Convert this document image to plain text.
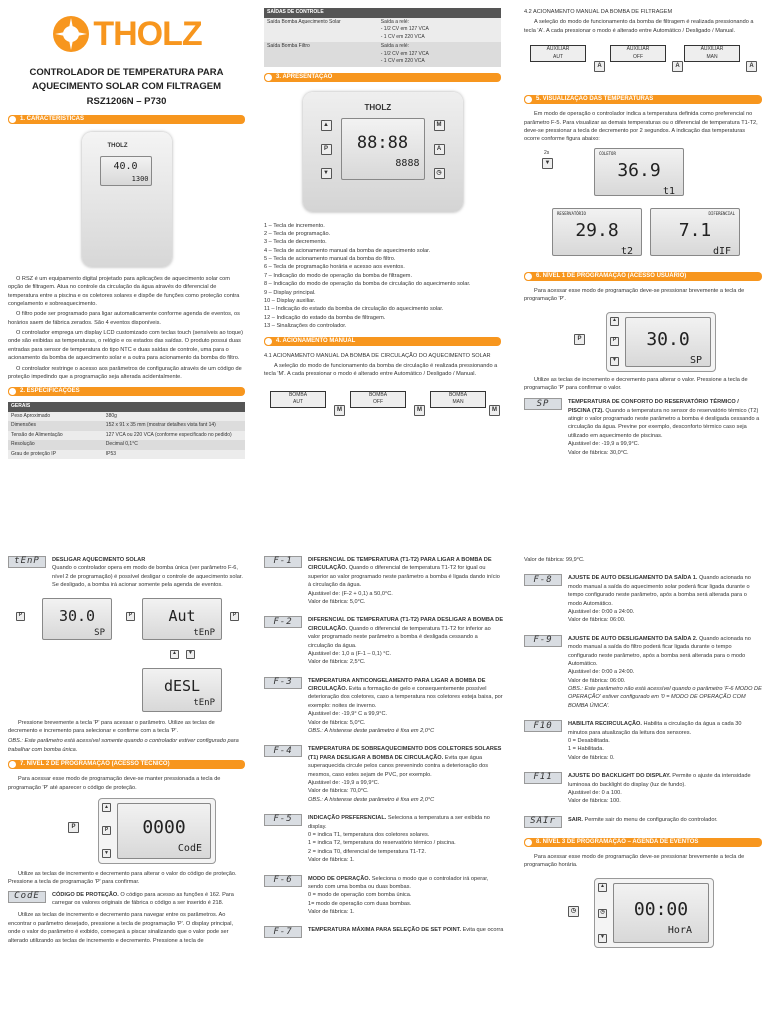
THOLZ
CONTROLADOR DE TEMPERATURA PARA
AQUECIMENTO SOLAR COM FILTRAGEM
RSZ1206N – P730
1. CARACTERÍSTICAS
THOLZ
40.0
1300

O RSZ é um equipamento digital projetado para aplicações de aquecimento solar com opção de filtragem. Atua no controle da circulação da água através do diferencial de temperatura entre a piscina e os coletores solares e dispõe de funções como proteção contra congelamento e sobreaquecimento.

O filtro pode ser programado para ligar automaticamente conforme agenda de eventos, os horários saem de fábrica zerados. São 4 eventos disponíveis.

O controlador emprega um display LCD customizado com teclas touch (sensíveis ao toque) onde são exibidas as temperaturas, o relógio e os estados das saídas. O produto possui duas entradas para sensor de temperatura do tipo NTC e duas saídas de controle, uma para o acionamento da bomba de aquecimento solar e a outra para acionamento da bomba do filtro.

O controlador restringe o acesso aos parâmetros de configuração através de um código de proteção impedindo que a programação seja alterada acidentalmente.

2. ESPECIFICAÇÕES
GERAIS	
Peso Aproximado	380g
Dimensões	152 x 91 x 35 mm (mostrar detalhes vista fant 14)
Tensão de Alimentação	127 VCA ou 220 VCA (conforme especificado no pedido)
Resolução	Decimal 0,1°C
Grau de proteção IP	IP53
SAÍDAS DE CONTROLE	
Saída Bomba Aquecimento Solar	Saída a relé:
- 1/2 CV em 127 VCA
- 1 CV em 220 VCA
Saída Bomba Filtro	Saída a relé:
- 1/2 CV em 127 VCA
- 1 CV em 220 VCA
3. APRESENTAÇÃO
THOLZ
▲
P
▼
M
A
◷
88:88
8888
1 – Tecla de incremento.
2 – Tecla de programação.
3 – Tecla de decremento.
4 – Tecla de acionamento manual da bomba de aquecimento solar.
5 – Tecla de acionamento manual da bomba do filtro.
6 – Tecla de programação horária e acesso aos eventos.
7 – Indicação do modo de operação da bomba de filtragem.
8 – Indicação do modo de operação da bomba de circulação do aquecimento solar.
9 – Display principal.
10 – Display auxiliar.
11 – Indicação do estado da bomba de circulação do aquecimento solar.
12 – Indicação do estado da bomba de filtragem.
13 – Sinalizações do controlador.
4. ACIONAMENTO MANUAL

4.1 ACIONAMENTO MANUAL DA BOMBA DE CIRCULAÇÃO DO AQUECIMENTO SOLAR

A seleção do modo de funcionamento da bomba de circulação é realizada pressionando a tecla 'M'. A cada pressionar o modo é alterado entre Automático / Desligado / Manual.

BOMBA
AUT
BOMBA
OFF
BOMBA
MAN
M	M	M

4.2 ACIONAMENTO MANUAL DA BOMBA DE FILTRAGEM

A seleção do modo de funcionamento da bomba de filtragem é realizada pressionando a tecla 'A'. A cada pressionar o modo é alterado entre Automático / Desligado / Manual.

AUXILIAR
AUT
AUXILIAR
OFF
AUXILIAR
MAN
A	A	A
5. VISUALIZAÇÃO DAS TEMPERATURAS

Em modo de operação o controlador indica a temperatura definida como preferencial no parâmetro F-5. Para visualizar as demais temperaturas ou o diferencial de temperatura T1-T2, deve-se pressionar a tecla de decremento por 2 segundos. A indicação das temperaturas ocorre conforme figura abaixo:

2s
▼
COLETOR
36.9
t1
RESERVATÓRIO
29.8
t2
DIFERENCIAL
7.1
dIF
6. NÍVEL 1 DE PROGRAMAÇÃO (ACESSO USUÁRIO)

Para acessar esse modo de programação deve-se pressionar brevemente a tecla de programação 'P'.

P
▲
P
▼
30.0
SP

Utilize as teclas de incremento e decremento para alterar o valor. Pressione a tecla de programação 'P' para confirmar o valor.

SP	TEMPERATURA DE CONFORTO DO RESERVATÓRIO TÉRMICO / PISCINA (T2). Quando a temperatura no sensor do reservatório térmico (T2) atingir o valor programado neste parâmetro a bomba é desligada cessando a circulação da água. Previne por exemplo, desconforto térmico caso seja utilizado em aquecimento de piscinas.
Ajustável de: -19,9 a 99,9°C.
Valor de fábrica: 30,0°C.
tEnP	DESLIGAR AQUECIMENTO SOLAR
Quando o controlador opera em modo de bomba única (ver parâmetro F-6, nível 2 de programação) é possível desligar o controle de aquecimento solar. Se desligado, a bomba irá acionar somente pela agenda de eventos.
30.0
SP
Aut
tEnP
dESL
tEnP
P	P	P
▲	▼

Pressione brevemente a tecla 'P' para acessar o parâmetro. Utilize as teclas de decremento e incremento para selecionar e confirme com a tecla 'P'.

OBS.: Este parâmetro está acessível somente quando o controlador estiver configurado para trabalhar com bomba única.

7. NÍVEL 2 DE PROGRAMAÇÃO (ACESSO TÉCNICO)

Para acessar esse modo de programação deve-se manter pressionada a tecla de programação 'P' até aparecer o código de proteção.

P
▲
P
▼
0000
CodE

Utilize as teclas de incremento e decremento para alterar o valor do código de proteção. Pressione a tecla de programação 'P' para confirmar.

CodE	CÓDIGO DE PROTEÇÃO. O código para acesso as funções é 162. Para carregar os valores originais de fábrica o código a ser inserido é 218.

Utilize as teclas de incremento e decremento para navegar entre os parâmetros. Ao encontrar o parâmetro desejado, pressione a tecla de programação 'P'. O display principal, onde o valor do parâmetro é exibido, começará a piscar sinalizando que o valor pode ser alterado utilizando as teclas de incremento e decremento. Pressione a tecla de

F-1	DIFERENCIAL DE TEMPERATURA (T1-T2) PARA LIGAR A BOMBA DE CIRCULAÇÃO. Quando o diferencial de temperatura T1-T2 for igual ou superior ao valor programado neste parâmetro a bomba é ligada dando início à circulação da água.
Ajustável de: (F-2 + 0,1) a 50,0°C.
Valor de fábrica: 5,0°C.
F-2	DIFERENCIAL DE TEMPERATURA (T1-T2) PARA DESLIGAR A BOMBA DE CIRCULAÇÃO. Quando o diferencial de temperatura T1-T2 for inferior ao valor programado neste parâmetro a bomba é desligada cessando a circulação da água.
Ajustável de: 1,0 a (F-1 – 0,1) °C.
Valor de fábrica: 2,5°C.
F-3	TEMPERATURA ANTICONGELAMENTO PARA LIGAR A BOMBA DE CIRCULAÇÃO. Evita a formação de gelo e consequentemente possível deterioração dos coletores, caso a temperatura nos coletores esteja baixa, por exemplo: noites de inverno.
Ajustável de: -19,9° C a 99,9°C.
Valor de fábrica: 5,0°C.
OBS.: A histerese deste parâmetro é fixa em 2,0°C
F-4	TEMPERATURA DE SOBREAQUECIMENTO DOS COLETORES SOLARES (T1) PARA DESLIGAR A BOMBA DE CIRCULAÇÃO. Evita que água superaquecida circule pelos canos prevenindo contra a deterioração dos mesmos, caso estes sejam de PVC, por exemplo.
Ajustável de: -19,9 a 99,9°C.
Valor de fábrica: 70,0°C.
OBS.: A histerese deste parâmetro é fixa em 2,0°C
F-5	INDICAÇÃO PREFERENCIAL. Seleciona a temperatura a ser exibida no display.
0 = indica T1, temperatura dos coletores solares.
1 = indica T2, temperatura do reservatório térmico / piscina.
2 = indica T0, diferencial de temperatura T1-T2.
Valor de fábrica: 1.
F-6	MODO DE OPERAÇÃO. Seleciona o modo que o controlador irá operar, sendo com uma bomba ou duas bombas.
0 = modo de operação com bomba única.
1= modo de operação com duas bombas.
Valor de fábrica: 1.
F-7	TEMPERATURA MÁXIMA PARA SELEÇÃO DE SET POINT. Evita que ocorra

Valor de fábrica: 99,9°C.

F-8	AJUSTE DE AUTO DESLIGAMENTO DA SAÍDA 1. Quando acionada no modo manual a saída do aquecimento solar poderá ficar ligada durante o tempo configurado neste parâmetro, após a bomba será alterada para o modo Automático.
Ajustável de: 0:00 a 24:00.
Valor de fábrica: 06:00.
F-9	AJUSTE DE AUTO DESLIGAMENTO DA SAÍDA 2. Quando acionada no modo manual a saída do filtro poderá ficar ligada durante o tempo configurado neste parâmetro, após a bomba será alterada para o modo Automático.
Ajustável de: 0:00 a 24:00.
Valor de fábrica: 06:00.
OBS.: Este parâmetro não está acessível quando o parâmetro 'F-6 MODO DE OPERAÇÃO' estiver configurado em '0 = MODO DE OPERAÇÃO COM BOMBA ÚNICA'.
F10	HABILITA RECIRCULAÇÃO. Habilita a circulação da água a cada 30 minutos para atualização da leitura dos sensores.
0 = Desabilitada.
1 = Habilitada.
Valor de fábrica: 0.
F11	AJUSTE DO BACKLIGHT DO DISPLAY. Permite o ajuste da intensidade luminosa do backlight do display (luz de fundo).
Ajustável de: 0 a 100.
Valor de fábrica: 100.
SAIr	SAIR. Permite sair do menu de configuração do controlador.
8. NÍVEL 3 DE PROGRAMAÇÃO – AGENDA DE EVENTOS

Para acessar esse modo de programação deve-se pressionar brevemente a tecla de programação horária.

◷
▲
◷
▼
00:00
HorA
